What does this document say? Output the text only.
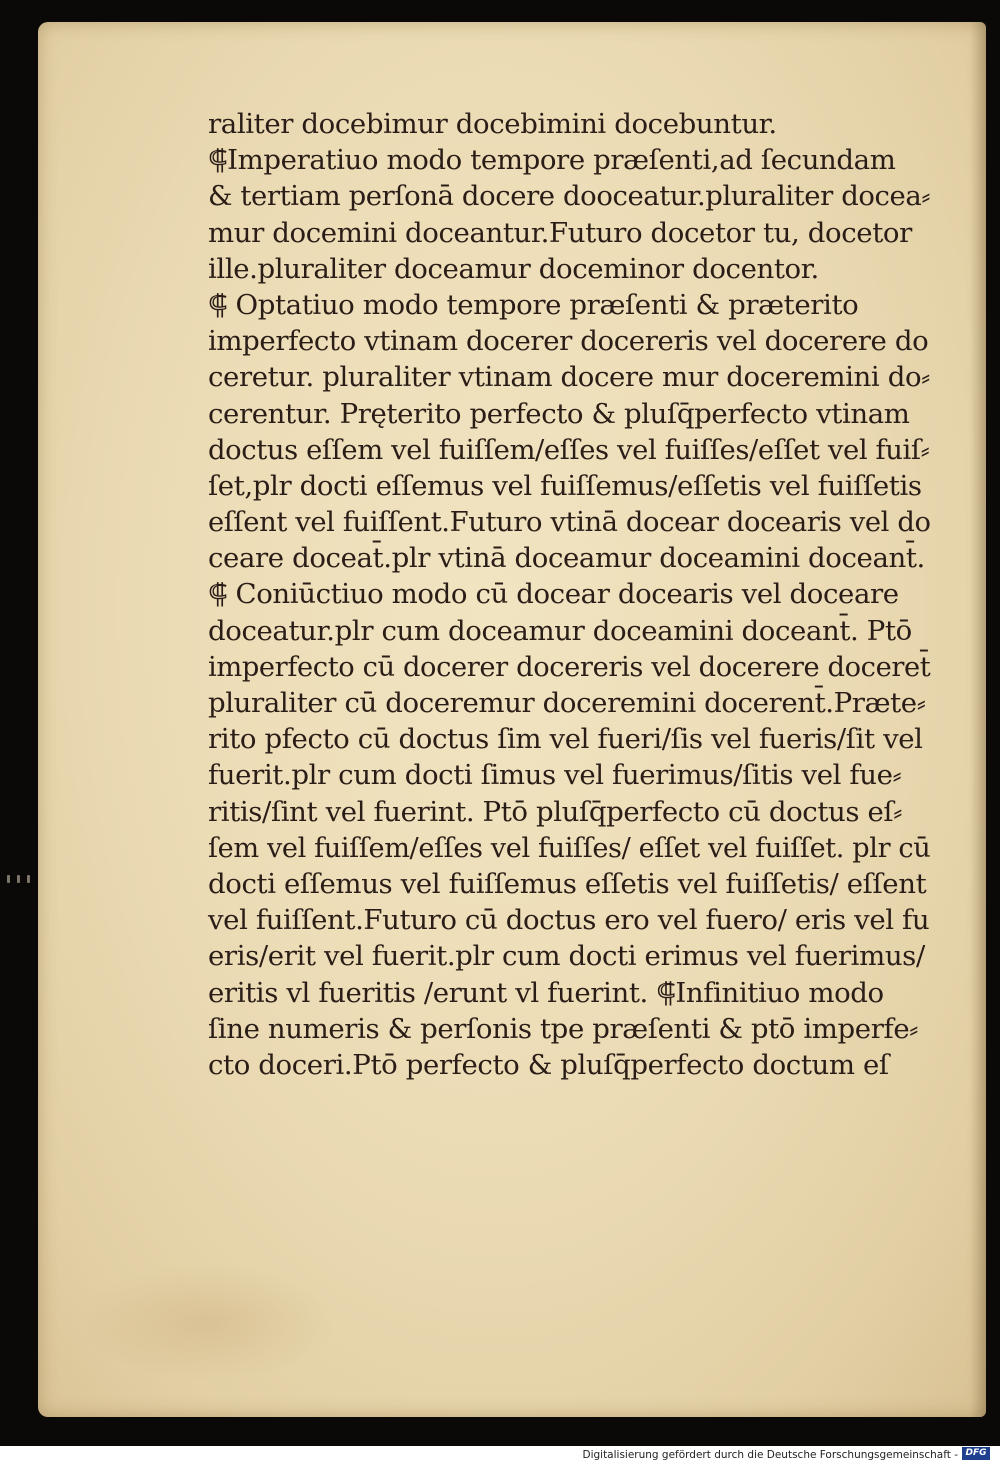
raliter docebimur docebimini docebuntur.
⸿Imperatiuo modo tempore præſenti,ad ſecundam
& tertiam perſonā docere dooceatur.pluraliter docea⸗
mur docemini doceantur.Futuro docetor tu, docetor
ille.pluraliter doceamur doceminor docentor.
⸿ Optatiuo modo tempore præſenti & præterito
imperfecto vtinam docerer docereris vel docerere do
ceretur. pluraliter vtinam docere mur doceremini do⸗
cerentur. Pręterito perfecto & pluſq̄perfecto vtinam
doctus eſſem vel fuiſſem/eſſes vel fuiſſes/eſſet vel fuiſ⸗
ſet,plr docti eſſemus vel fuiſſemus/eſſetis vel fuiſſetis
eſſent vel fuiſſent.Futuro vtinā docear docearis vel do
ceare doceat̄.plr vtinā doceamur doceamini doceant̄.
⸿ Coniūctiuo modo cū docear docearis vel doceare
doceatur.plr cum doceamur doceamini doceant̄. Ptō
imperfecto cū docerer docereris vel docerere doceret̄
pluraliter cū doceremur doceremini docerent̄.Præte⸗
rito pfecto cū doctus ſim vel fueri/ſis vel fueris/ſit vel
fuerit.plr cum docti ſimus vel fuerimus/ſitis vel fue⸗
ritis/ſint vel fuerint. Ptō pluſq̄perfecto cū doctus eſ⸗
ſem vel fuiſſem/eſſes vel fuiſſes/ eſſet vel fuiſſet. plr cū
docti eſſemus vel fuiſſemus eſſetis vel fuiſſetis/ eſſent
vel fuiſſent.Futuro cū doctus ero vel fuero/ eris vel fu
eris/erit vel fuerit.plr cum docti erimus vel fuerimus/
eritis vl fueritis /erunt vl fuerint. ⸿Infinitiuo modo
ſine numeris & perſonis tpe præſenti & ptō imperfe⸗
cto doceri.Ptō perfecto & pluſq̄perfecto doctum eſ
Digitalisierung gefördert durch die Deutsche Forschungsgemeinschaft - DFG
